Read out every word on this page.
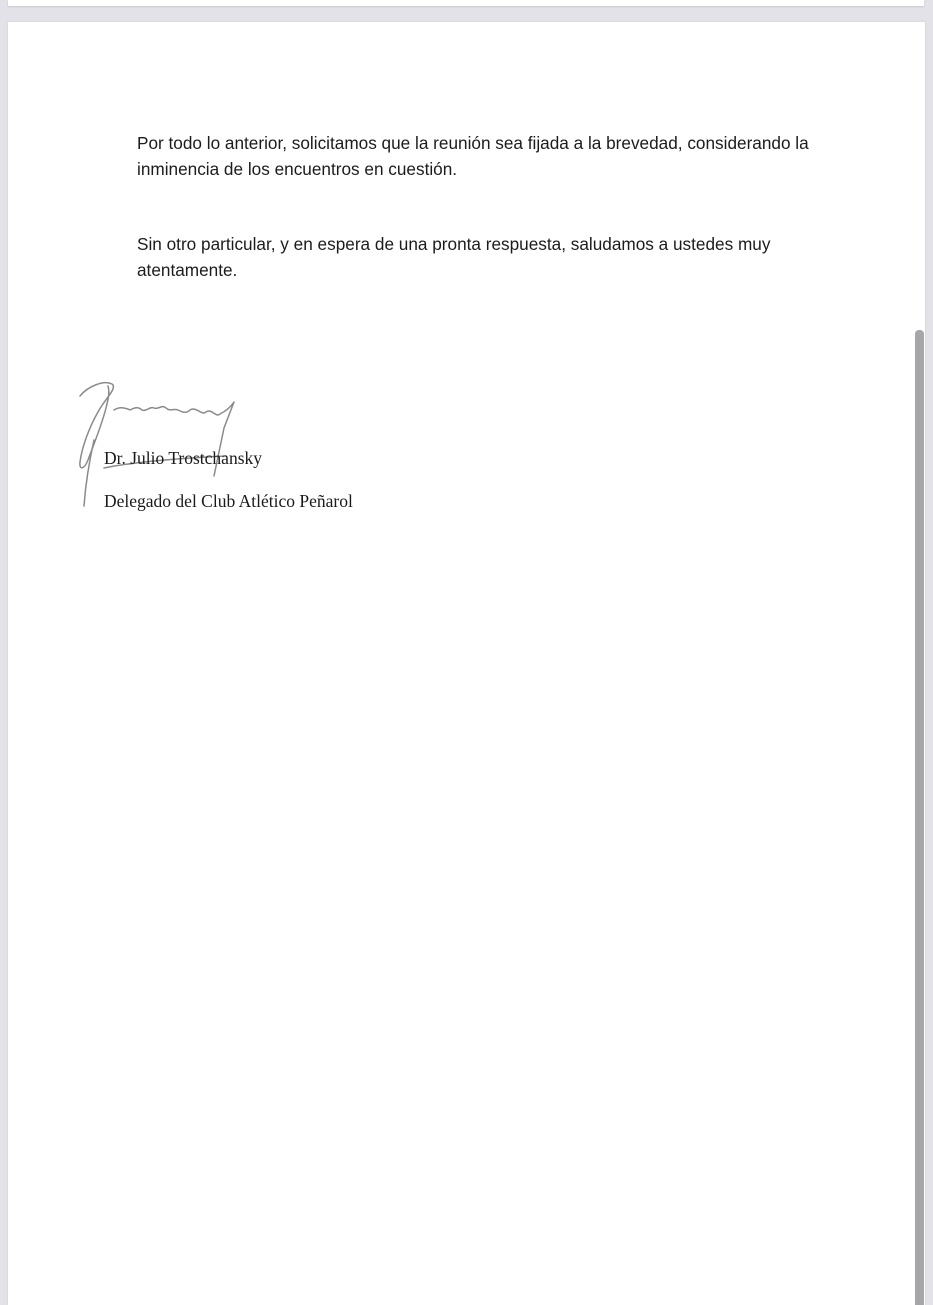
Por todo lo anterior, solicitamos que la reunión sea fijada a la brevedad, considerando la inminencia de los encuentros en cuestión.

Sin otro particular, y en espera de una pronta respuesta, saludamos a ustedes muy atentamente.

Dr. Julio Trostchansky
Delegado del Club Atlético Peñarol
